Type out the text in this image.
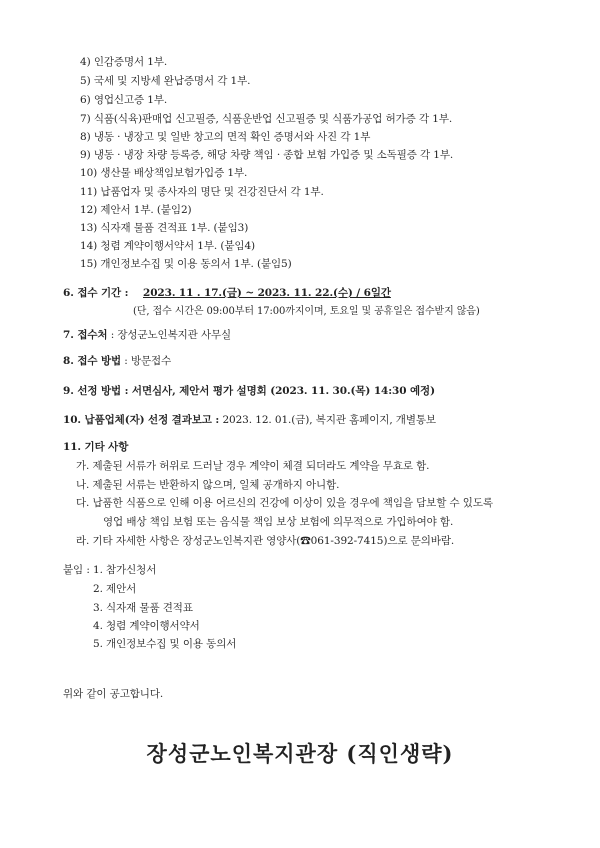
4) 인감증명서 1부.
5) 국세 및 지방세 완납증명서 각 1부.
6) 영업신고증 1부.
7) 식품(식육)판매업 신고필증, 식품운반업 신고필증 및 식품가공업 허가증 각 1부.
8) 냉동 · 냉장고 및 일반 창고의 면적 확인 증명서와 사진 각 1부
9) 냉동 · 냉장 차량 등록증, 해당 차량 책임 · 종합 보험 가입증 및 소독필증 각 1부.
10) 생산물 배상책임보험가입증 1부.
11) 납품업자 및 종사자의 명단 및 건강진단서 각 1부.
12) 제안서 1부. (붙임2)
13) 식자재 물품 견적표 1부. (붙임3)
14) 청렴 계약이행서약서 1부. (붙임4)
15) 개인정보수집 및 이용 동의서 1부. (붙임5)
6. 접수 기간 : 2023. 11 . 17.(금) ~ 2023. 11. 22.(수) / 6일간
(단, 접수 시간은 09:00부터 17:00까지이며, 토요일 및 공휴일은 접수받지 않음)
7. 접수처 : 장성군노인복지관 사무실
8. 접수 방법 : 방문접수
9. 선정 방법 : 서면심사, 제안서 평가 설명회 (2023. 11. 30.(목) 14:30 예정)
10. 납품업체(자) 선정 결과보고 : 2023. 12. 01.(금), 복지관 홈페이지, 개별통보
11. 기타 사항
가. 제출된 서류가 허위로 드러날 경우 계약이 체결 되더라도 계약을 무효로 함.
나. 제출된 서류는 반환하지 않으며, 일체 공개하지 아니함.
다. 납품한 식품으로 인해 이용 어르신의 건강에 이상이 있을 경우에 책임을 담보할 수 있도록
영업 배상 책임 보험 또는 음식물 책임 보상 보험에 의무적으로 가입하여야 함.
라. 기타 자세한 사항은 장성군노인복지관 영양사(☎061-392-7415)으로 문의바람.
붙임 : 1. 참가신청서
2. 제안서
3. 식자재 물품 견적표
4. 청렴 계약이행서약서
5. 개인정보수집 및 이용 동의서
위와 같이 공고합니다.
장성군노인복지관장 (직인생략)
